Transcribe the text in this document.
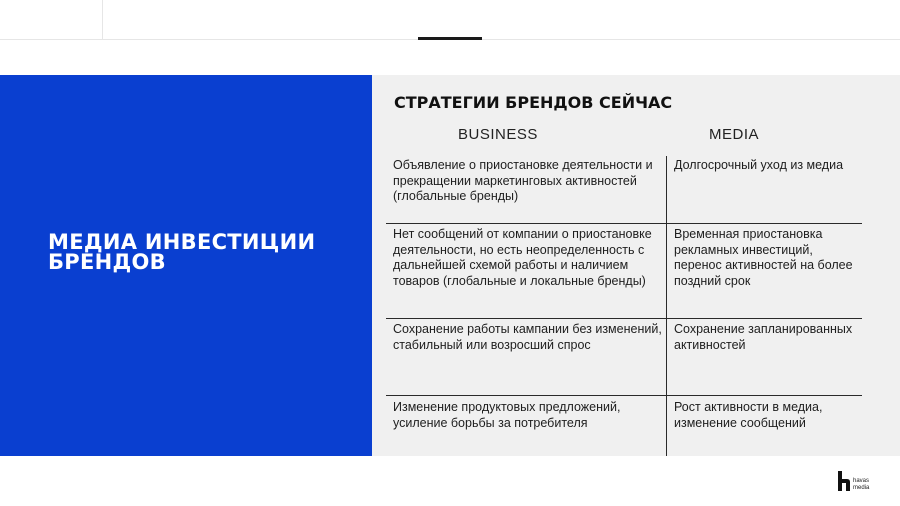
МЕДИА ИНВЕСТИЦИИ БРЕНДОВ
СТРАТЕГИИ БРЕНДОВ СЕЙЧАС
BUSINESS	MEDIA

Объявление о приостановке деятельности и прекращении маркетинговых активностей (глобальные бренды)

Долгосрочный уход из медиа

Нет сообщений от компании о приостановке деятельности, но есть неопределенность с дальнейшей схемой работы и наличием товаров (глобальные и локальные бренды)

Временная приостановка рекламных инвестиций, перенос активностей на более поздний срок

Сохранение работы кампании без изменений, стабильный или возросший спрос

Сохранение запланированных активностей

Изменение продуктовых предложений, усиление борьбы за потребителя

Рост активности в медиа, изменение сообщений

havas
media
